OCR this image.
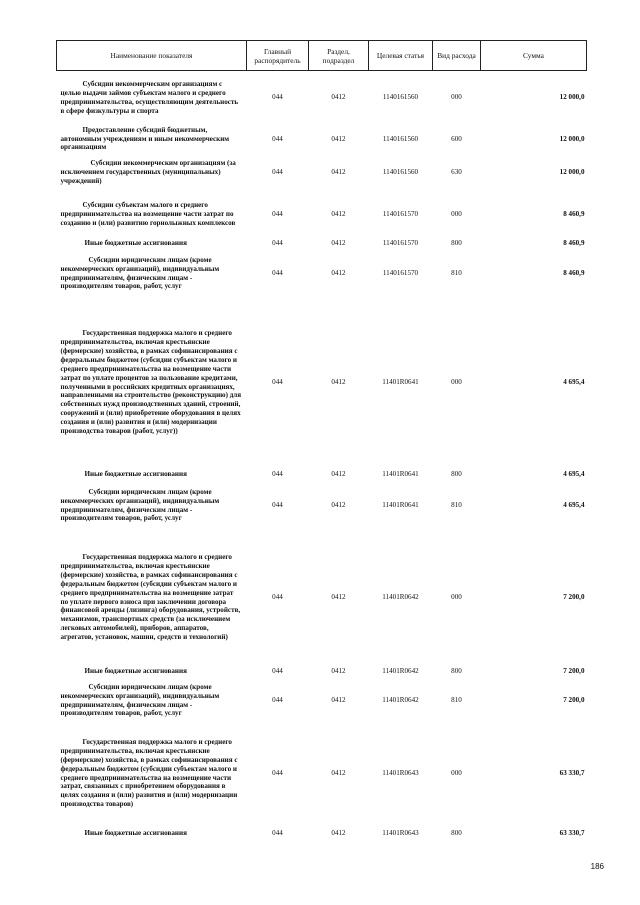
Наименование показателя	Главный распорядитель	Раздел, подраздел	Целевая статья	Вид расхода	Сумма
Субсидии некоммерческим организациям с целью выдачи займов субъектам малого и среднего предпринимательства, осуществляющим деятельность в сфере физкультуры и спорта	044	0412	1140161560	000	12 000,0
Предоставление субсидий бюджетным, автономным учреждениям и иным некоммерческим организациям	044	0412	1140161560	600	12 000,0
Субсидии некоммерческим организациям (за исключением государственных (муниципальных) учреждений)	044	0412	1140161560	630	12 000,0
Субсидии субъектам малого и среднего предпринимательства на возмещение части затрат по созданию и (или) развитию горнолыжных комплексов	044	0412	1140161570	000	8 460,9
Иные бюджетные ассигнования	044	0412	1140161570	800	8 460,9
Субсидии юридическим лицам (кроме некоммерческих организаций), индивидуальным предпринимателям, физическим лицам - производителям товаров, работ, услуг	044	0412	1140161570	810	8 460,9
Государственная поддержка малого и среднего предпринимательства, включая крестьянские (фермерские) хозяйства, в рамках софинансирования с федеральным бюджетом (субсидии субъектам малого и среднего предпринимательства на возмещение части затрат по уплате процентов за пользование кредитами, полученными в российских кредитных организациях, направленными на строительство (реконструкцию) для собственных нужд производственных зданий, строений, сооружений и (или) приобретение оборудования в целях создания и (или) развития и (или) модернизации производства товаров (работ, услуг))	044	0412	11401R0641	000	4 695,4
Иные бюджетные ассигнования	044	0412	11401R0641	800	4 695,4
Субсидии юридическим лицам (кроме некоммерческих организаций), индивидуальным предпринимателям, физическим лицам - производителям товаров, работ, услуг	044	0412	11401R0641	810	4 695,4
Государственная поддержка малого и среднего предпринимательства, включая крестьянские (фермерские) хозяйства, в рамках софинансирования с федеральным бюджетом (субсидии субъектам малого и среднего предпринимательства на возмещение затрат по уплате первого взноса при заключении договора финансовой аренды (лизинга) оборудования, устройств, механизмов, транспортных средств (за исключением легковых автомобилей), приборов, аппаратов, агрегатов, установок, машин, средств и технологий)	044	0412	11401R0642	000	7 200,0
Иные бюджетные ассигнования	044	0412	11401R0642	800	7 200,0
Субсидии юридическим лицам (кроме некоммерческих организаций), индивидуальным предпринимателям, физическим лицам - производителям товаров, работ, услуг	044	0412	11401R0642	810	7 200,0
Государственная поддержка малого и среднего предпринимательства, включая крестьянские (фермерские) хозяйства, в рамках софинансирования с федеральным бюджетом (субсидии субъектам малого и среднего предпринимательства на возмещение части затрат, связанных с приобретением оборудования в целях создания и (или) развития и (или) модернизации производства товаров)	044	0412	11401R0643	000	63 330,7
Иные бюджетные ассигнования	044	0412	11401R0643	800	63 330,7
186
